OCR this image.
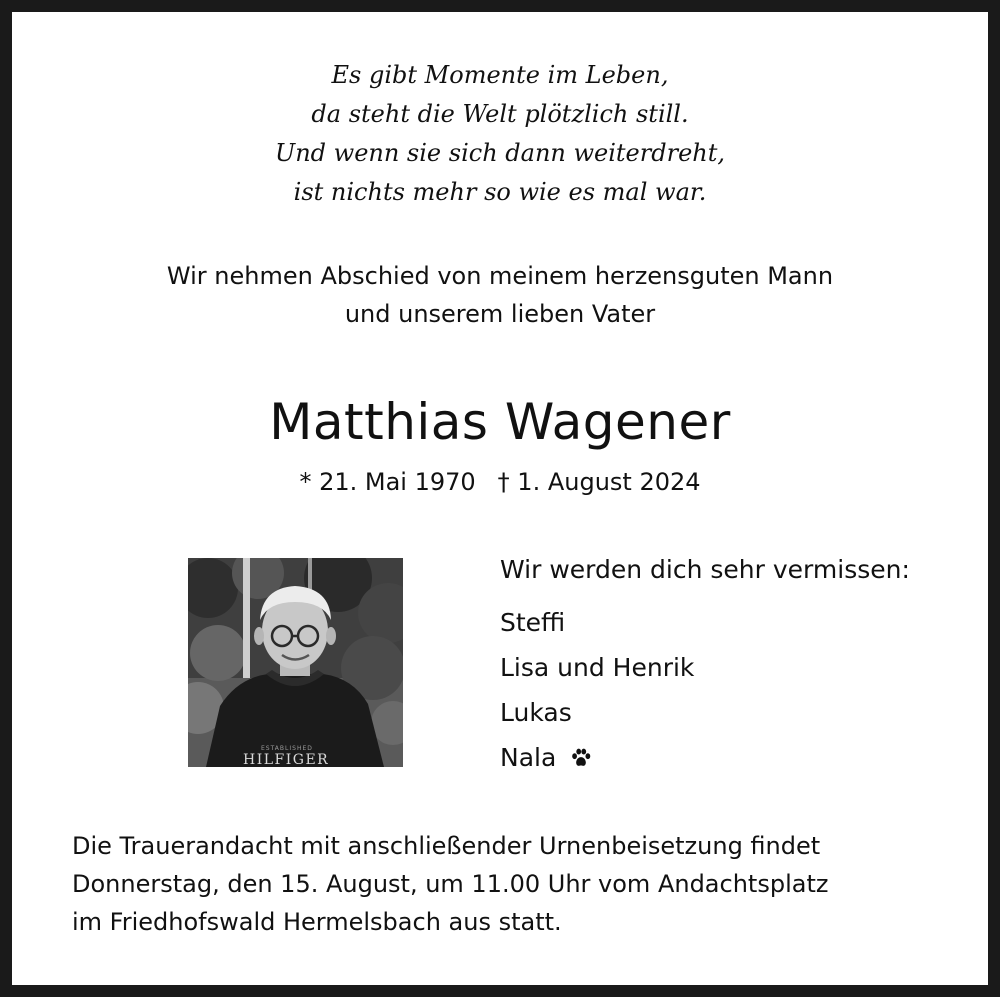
Es gibt Momente im Leben,
da steht die Welt plötzlich still.
Und wenn sie sich dann weiterdreht,
ist nichts mehr so wie es mal war.
Wir nehmen Abschied von meinem herzensguten Mann
und unserem lieben Vater
Matthias Wagener
* 21. Mai 1970 † 1. August 2024
ESTABLISHED
HILFIGER
Wir werden dich sehr vermissen:
Steffi
Lisa und Henrik
Lukas
Nala
Die Trauerandacht mit anschließender Urnenbeisetzung findet
Donnerstag, den 15. August, um 11.00 Uhr vom Andachtsplatz
im Friedhofswald Hermelsbach aus statt.
